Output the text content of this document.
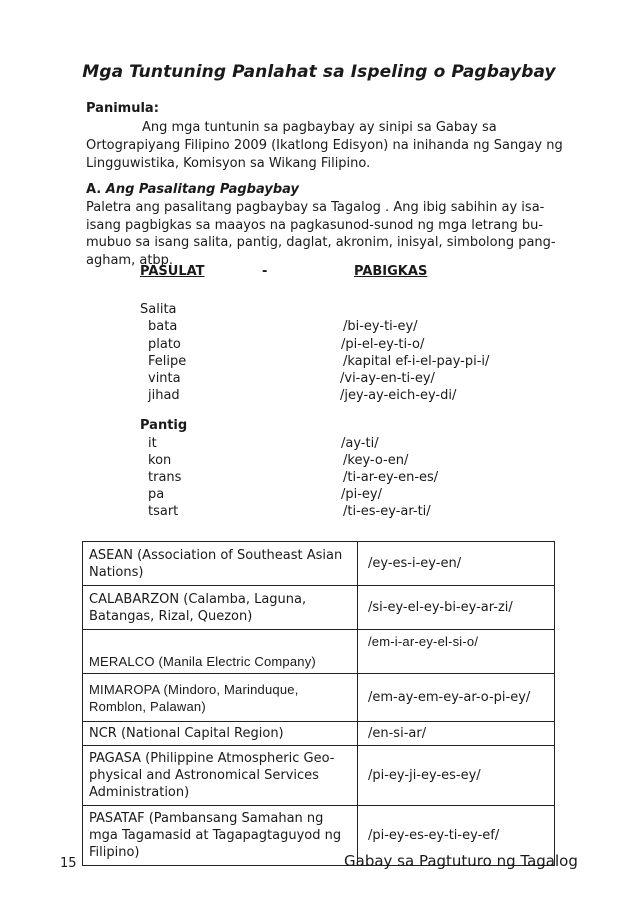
Mga Tuntuning Panlahat sa Ispeling o Pagbaybay
Panimula:
Ang mga tuntunin sa pagbaybay ay sinipi sa Gabay sa
Ortograpiyang Filipino 2009 (Ikatlong Edisyon) na inihanda ng Sangay ng
Lingguwistika, Komisyon sa Wikang Filipino.
A. Ang Pasalitang Pagbaybay
Paletra ang pasalitang pagbaybay sa Tagalog . Ang ibig sabihin ay isa-
isang pagbigkas sa maayos na pagkasunod-sunod ng mga letrang bu-
mubuo sa isang salita, pantig, daglat, akronim, inisyal, simbolong pang-
agham, atbp.
PASULAT	-	PABIGKAS
Salita
bata	/bi-ey-ti-ey/
plato	/pi-el-ey-ti-o/
Felipe	/kapital ef-i-el-pay-pi-i/
vinta	/vi-ay-en-ti-ey/
jihad	/jey-ay-eich-ey-di/
Pantig
it	/ay-ti/
kon	/key-o-en/
trans	/ti-ar-ey-en-es/
pa	/pi-ey/
tsart	/ti-es-ey-ar-ti/
ASEAN (Association of Southeast Asian Nations)	/ey-es-i-ey-en/
CALABARZON (Calamba, Laguna, Batangas, Rizal, Quezon)	/si-ey-el-ey-bi-ey-ar-zi/
MERALCO (Manila Electric Company)	/em-i-ar-ey-el-si-o/
MIMAROPA (Mindoro, Marinduque, Romblon, Palawan)	/em-ay-em-ey-ar-o-pi-ey/
NCR (National Capital Region)	/en-si-ar/
PAGASA (Philippine Atmospheric Geo-physical and Astronomical Services Administration)	/pi-ey-ji-ey-es-ey/
PASATAF (Pambansang Samahan ng mga Tagamasid at Tagapagtaguyod ng Filipino)	/pi-ey-es-ey-ti-ey-ef/
15	Gabay sa Pagtuturo ng Tagalog
